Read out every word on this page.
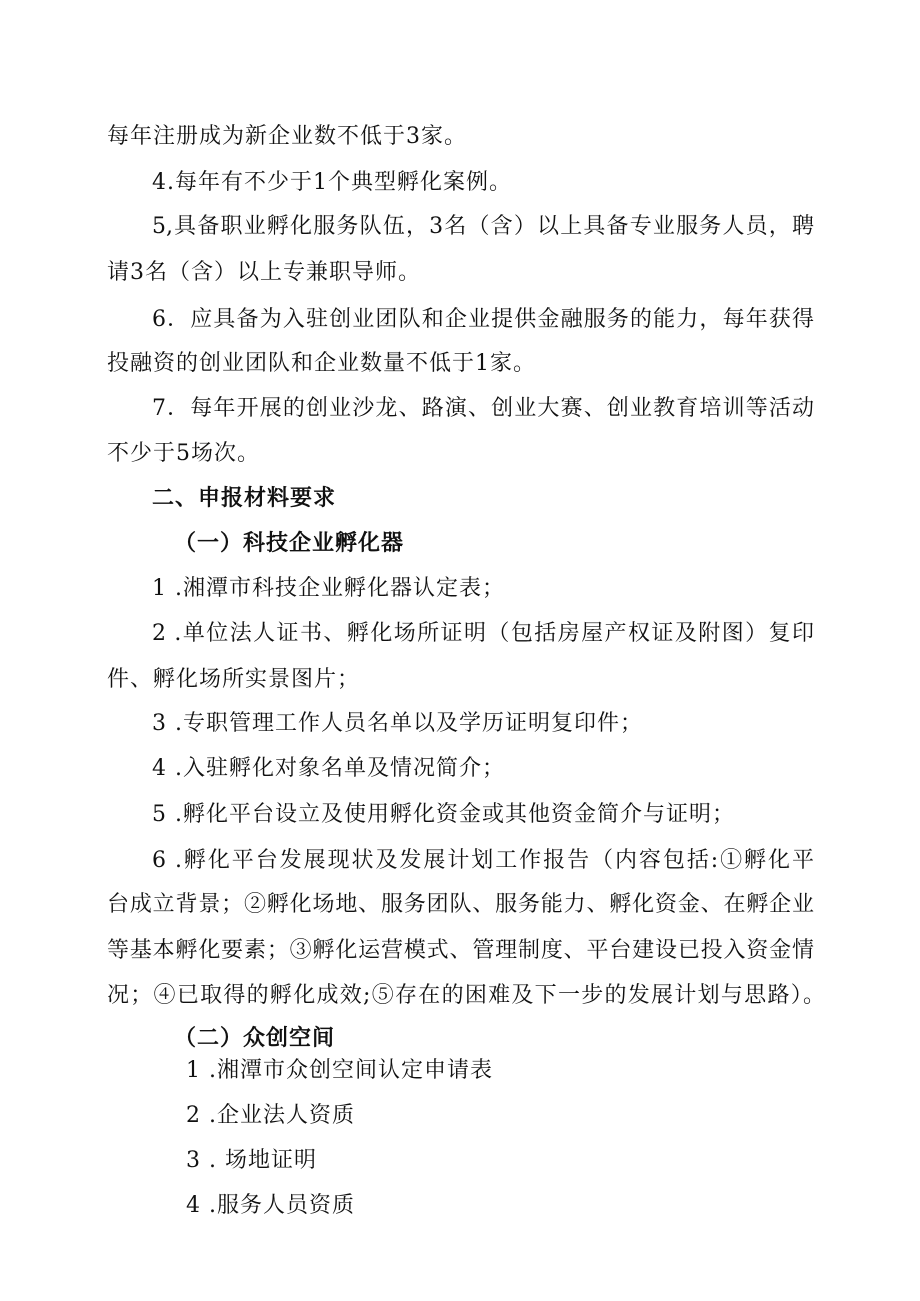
每年注册成为新企业数不低于3家。
4.每年有不少于1个典型孵化案例。
5,具备职业孵化服务队伍，3名（含）以上具备专业服务人员，聘
请3名（含）以上专兼职导师。
6．应具备为入驻创业团队和企业提供金融服务的能力，每年获得
投融资的创业团队和企业数量不低于1家。
7．每年开展的创业沙龙、路演、创业大赛、创业教育培训等活动
不少于5场次。
二、申报材料要求
（一）科技企业孵化器
1 .湘潭市科技企业孵化器认定表；
2 .单位法人证书、孵化场所证明（包括房屋产权证及附图）复印
件、孵化场所实景图片；
3 .专职管理工作人员名单以及学历证明复印件；
4 .入驻孵化对象名单及情况简介；
5 .孵化平台设立及使用孵化资金或其他资金简介与证明；
6 .孵化平台发展现状及发展计划工作报告（内容包括:①孵化平
台成立背景；②孵化场地、服务团队、服务能力、孵化资金、在孵企业
等基本孵化要素；③孵化运营模式、管理制度、平台建设已投入资金情
况；④已取得的孵化成效;⑤存在的困难及下一步的发展计划与思路）。
（二）众创空间
1 .湘潭市众创空间认定申请表
2 .企业法人资质
3 . 场地证明
4 .服务人员资质
